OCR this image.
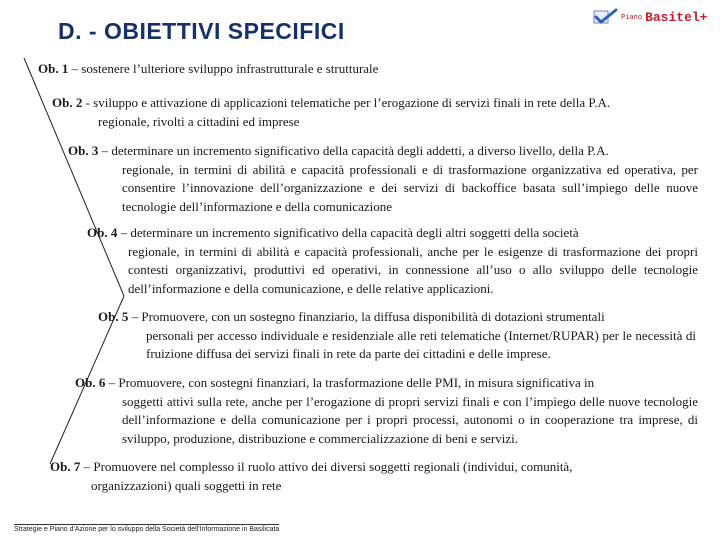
D. - OBIETTIVI SPECIFICI
Piano Basitel+
Ob. 1 – sostenere l’ulteriore sviluppo infrastrutturale e strutturale
Ob. 2 - sviluppo e attivazione di applicazioni telematiche per l’erogazione di servizi finali in rete della P.A.
regionale, rivolti a cittadini ed imprese
Ob. 3 – determinare un incremento significativo della capacità degli addetti, a diverso livello, della P.A.
regionale, in termini di abilità e capacità professionali e di trasformazione organizzativa ed operativa, per consentire l’innovazione dell’organizzazione e dei servizi di backoffice basata sull’impiego delle nuove tecnologie dell’informazione e della comunicazione
Ob. 4 – determinare un incremento significativo della capacità degli altri soggetti della società
regionale, in termini di abilità e capacità professionali, anche per le esigenze di trasformazione dei propri contesti organizzativi, produttivi ed operativi, in connessione all’uso o allo sviluppo delle tecnologie dell’informazione e della comunicazione, e delle relative applicazioni.
Ob. 5 – Promuovere, con un sostegno finanziario, la diffusa disponibilità di dotazioni strumentali
personali per accesso individuale e residenziale alle reti telematiche (Internet/RUPAR) per le necessità di fruizione diffusa dei servizi finali in rete da parte dei cittadini e delle imprese.
Ob. 6 – Promuovere, con sostegni finanziari, la trasformazione delle PMI, in misura significativa in
soggetti attivi sulla rete, anche per l’erogazione di propri servizi finali e con l’impiego delle nuove tecnologie dell’informazione e della comunicazione per i propri processi, autonomi o in cooperazione tra imprese, di sviluppo, produzione, distribuzione e commercializzazione di beni e servizi.
Ob. 7 – Promuovere nel complesso il ruolo attivo dei diversi soggetti regionali (individui, comunità,
organizzazioni) quali soggetti in rete
Strategie e Piano d'Azione per lo sviluppo della Società dell'Informazione in Basilicata
